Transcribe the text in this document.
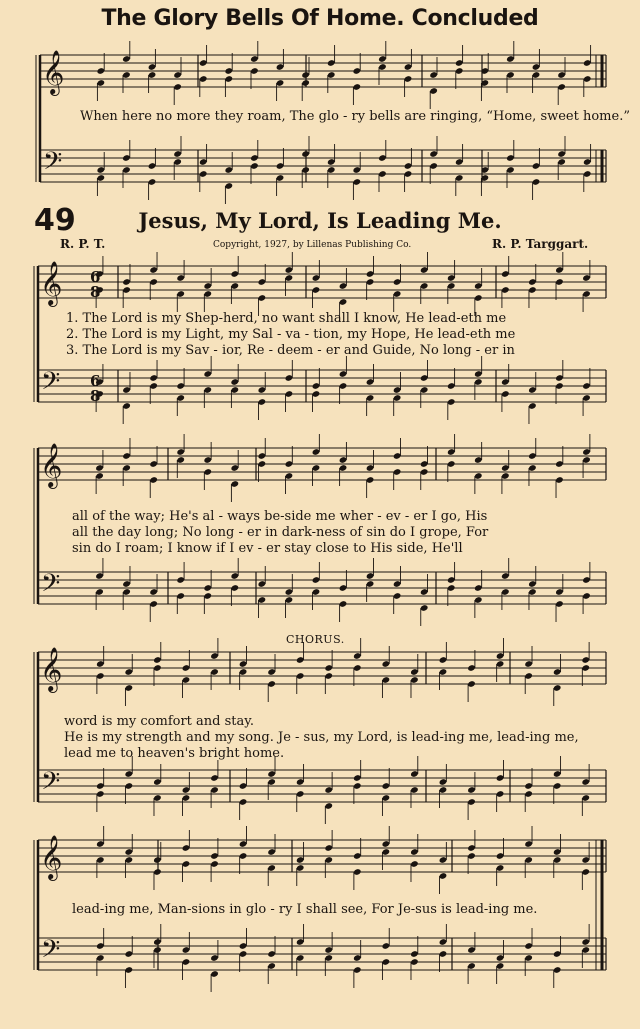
The Glory Bells Of Home. Concluded
49	Jesus, My Lord, Is Leading Me.
R. P. T.	Copyright, 1927, by Lillenas Publishing Co.	R. P. Targgart.
𝄞
𝄢
𝄞
𝄢
𝄞
𝄢
𝄞
𝄢
𝄞
𝄢
6
8
6
8
When here no more they roam, The glo - ry bells are ringing, “Home, sweet home.”
1. The Lord is my Shep-herd, no want shall I know, He lead-eth me
2. The Lord is my Light, my Sal - va - tion, my Hope, He lead-eth me
3. The Lord is my Sav - ior, Re - deem - er and Guide, No long - er in
all of the way; He's al - ways be-side me wher - ev - er I go, His
all the day long; No long - er in dark-ness of sin do I grope, For
sin do I roam; I know if I ev - er stay close to His side, He'll
CHORUS.
word is my comfort and stay.
He is my strength and my song. Je - sus, my Lord, is lead-ing me, lead-ing me,
lead me to heaven's bright home.
lead-ing me, Man-sions in glo - ry I shall see, For Je-sus is lead-ing me.
